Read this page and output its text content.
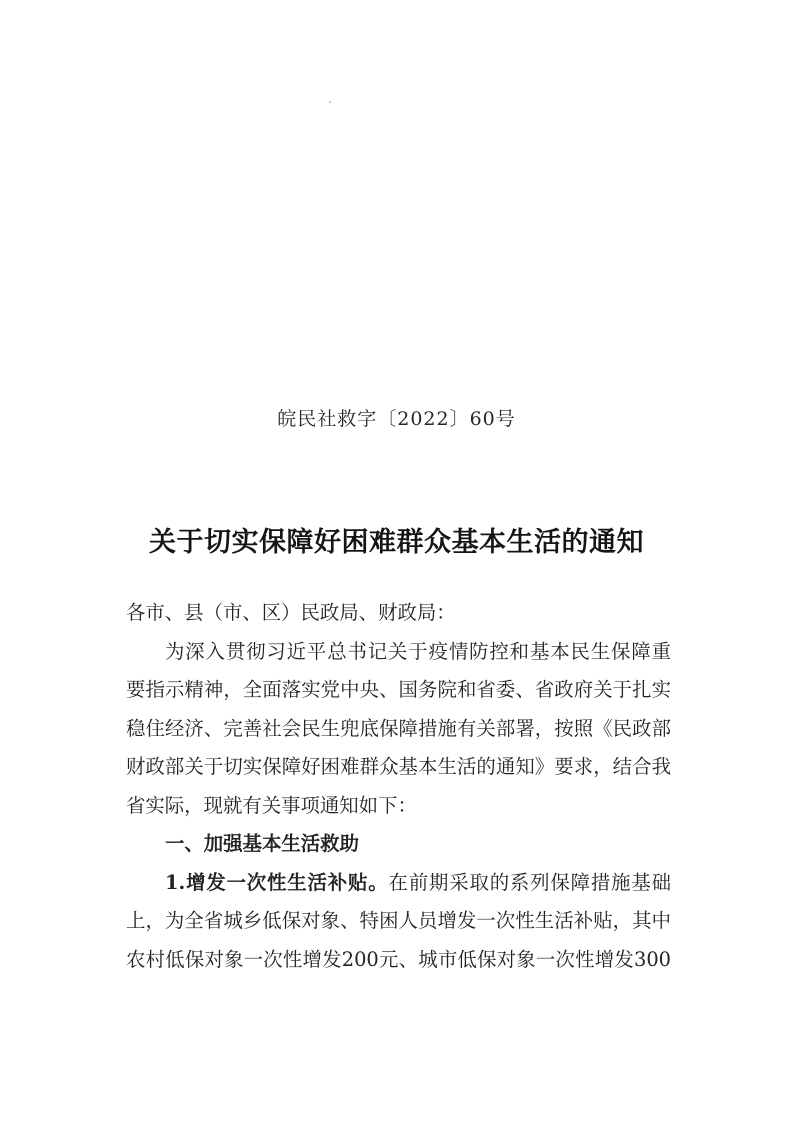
皖民社救字〔2022〕60号
关于切实保障好困难群众基本生活的通知
各市、县（市、区）民政局、财政局：
为深入贯彻习近平总书记关于疫情防控和基本民生保障重
要指示精神，全面落实党中央、国务院和省委、省政府关于扎实
稳住经济、完善社会民生兜底保障措施有关部署，按照《民政部
财政部关于切实保障好困难群众基本生活的通知》要求，结合我
省实际，现就有关事项通知如下：
一、加强基本生活救助
1.增发一次性生活补贴。在前期采取的系列保障措施基础
上，为全省城乡低保对象、特困人员增发一次性生活补贴，其中
农村低保对象一次性增发200元、城市低保对象一次性增发300
